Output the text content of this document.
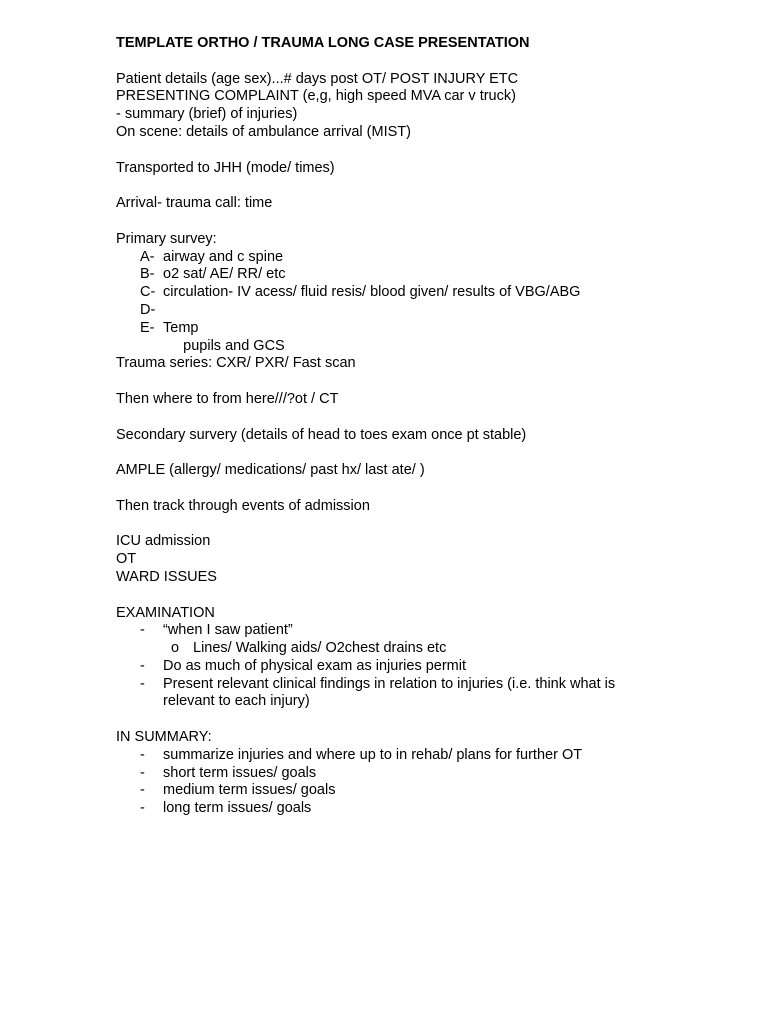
TEMPLATE ORTHO / TRAUMA LONG CASE PRESENTATION
Patient details (age sex)...# days post OT/ POST INJURY ETC
PRESENTING COMPLAINT (e,g, high speed MVA car v truck)
- summary (brief) of injuries)
On scene: details of ambulance arrival (MIST)
Transported to JHH (mode/ times)
Arrival- trauma call: time
Primary survey:
A- airway and c spine
B- o2 sat/ AE/ RR/ etc
C- circulation- IV acess/ fluid resis/ blood given/ results of VBG/ABG

D-

pupils and GCS

E- Temp
Trauma series: CXR/ PXR/ Fast scan
Then where to from here///?ot / CT
Secondary survery (details of head to toes exam once pt stable)
AMPLE (allergy/ medications/ past hx/ last ate/ )
Then track through events of admission
ICU admission
OT
WARD ISSUES
EXAMINATION
- “when I saw patient”
o Lines/ Walking aids/ O2chest drains etc
- Do as much of physical exam as injuries permit
- Present relevant clinical findings in relation to injuries (i.e. think what is
relevant to each injury)
IN SUMMARY:
- summarize injuries and where up to in rehab/ plans for further OT
- short term issues/ goals
- medium term issues/ goals
- long term issues/ goals
